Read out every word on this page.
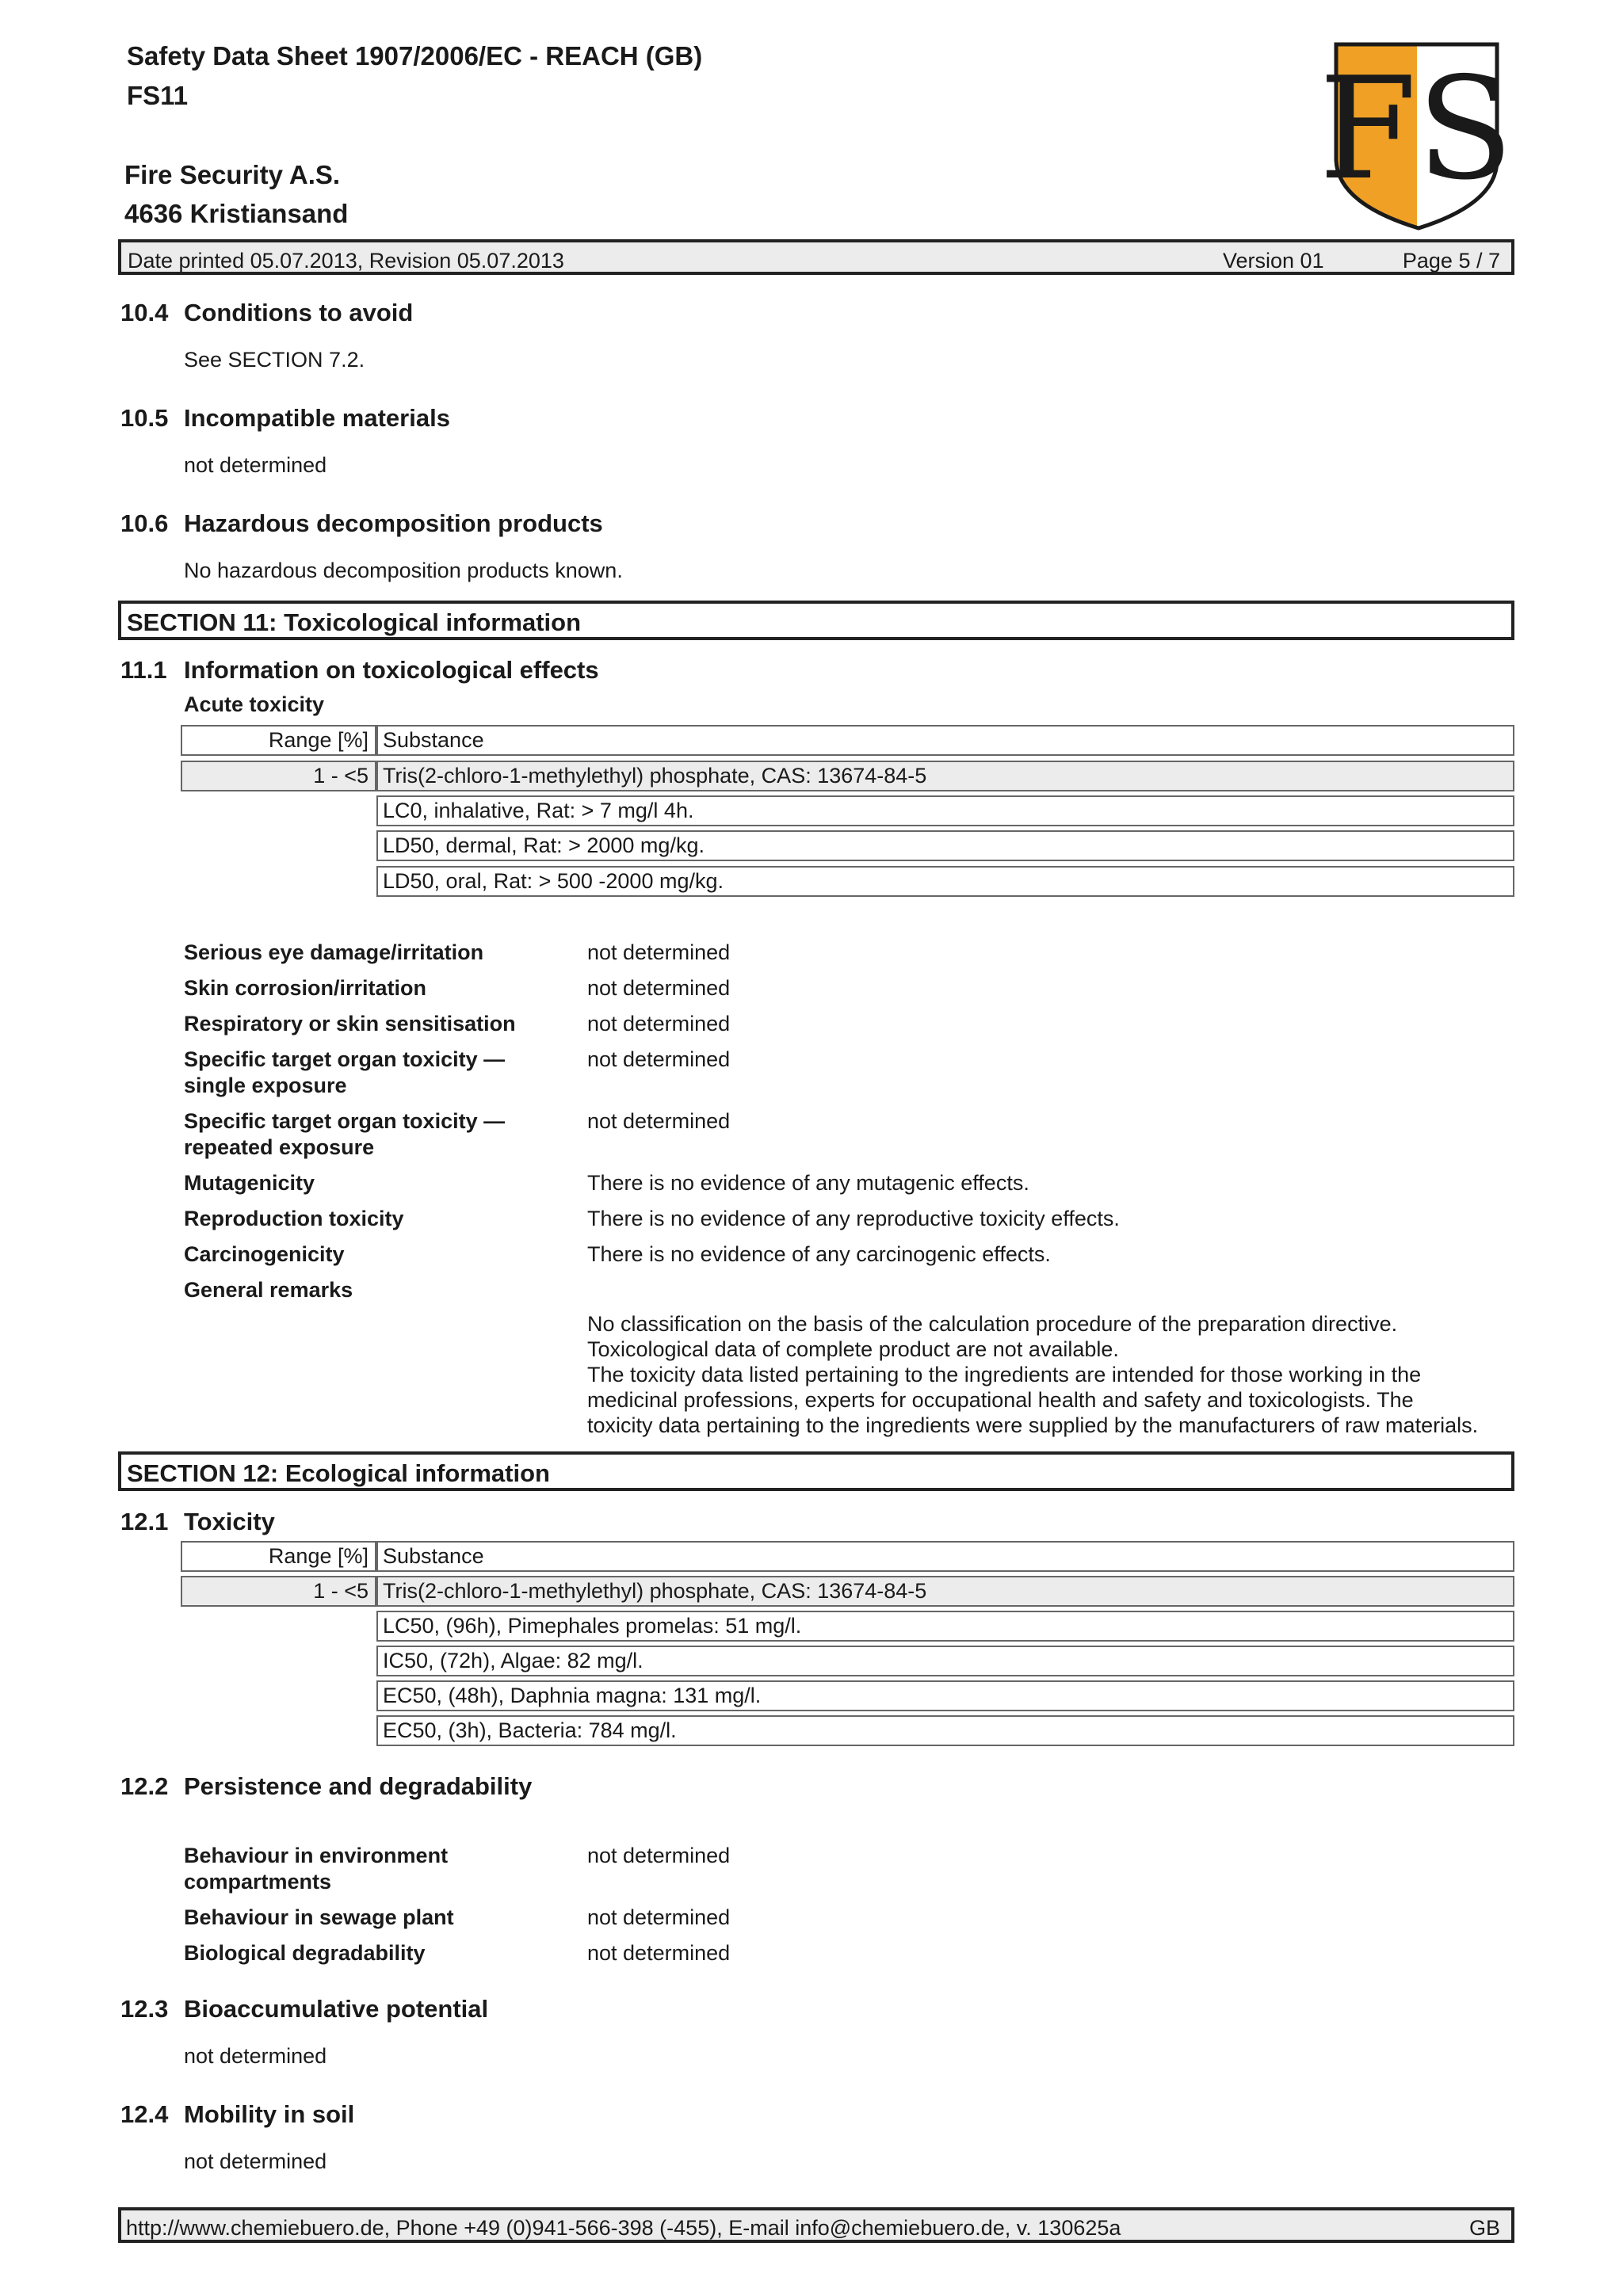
Safety Data Sheet 1907/2006/EC - REACH (GB)
FS11
Fire Security A.S.
4636 Kristiansand
FS
Date printed 05.07.2013, Revision 05.07.2013	Version 01	Page 5 / 7
10.4 Conditions to avoid
See SECTION 7.2.
10.5 Incompatible materials
not determined
10.6 Hazardous decomposition products
No hazardous decomposition products known.
SECTION 11: Toxicological information
11.1 Information on toxicological effects
Acute toxicity
Range [%] Substance
1 - <5 Tris(2-chloro-1-methylethyl) phosphate, CAS: 13674-84-5
LC0, inhalative, Rat: > 7 mg/l 4h.
LD50, dermal, Rat: > 2000 mg/kg.
LD50, oral, Rat: > 500 -2000 mg/kg.
Serious eye damage/irritation	not determined
Skin corrosion/irritation	not determined
Respiratory or skin sensitisation	not determined
Specific target organ toxicity —
single exposure
not determined
Specific target organ toxicity —
repeated exposure
not determined
Mutagenicity	There is no evidence of any mutagenic effects.
Reproduction toxicity	There is no evidence of any reproductive toxicity effects.
Carcinogenicity	There is no evidence of any carcinogenic effects.
General remarks
No classification on the basis of the calculation procedure of the preparation directive.
Toxicological data of complete product are not available.
The toxicity data listed pertaining to the ingredients are intended for those working in the
medicinal professions, experts for occupational health and safety and toxicologists. The
toxicity data pertaining to the ingredients were supplied by the manufacturers of raw materials.
SECTION 12: Ecological information
12.1 Toxicity
Range [%] Substance
1 - <5 Tris(2-chloro-1-methylethyl) phosphate, CAS: 13674-84-5
LC50, (96h), Pimephales promelas: 51 mg/l.
IC50, (72h), Algae: 82 mg/l.
EC50, (48h), Daphnia magna: 131 mg/l.
EC50, (3h), Bacteria: 784 mg/l.
12.2 Persistence and degradability
Behaviour in environment
compartments
not determined
Behaviour in sewage plant	not determined
Biological degradability	not determined
12.3 Bioaccumulative potential
not determined
12.4 Mobility in soil
not determined
http://www.chemiebuero.de, Phone +49 (0)941-566-398 (-455), E-mail info@chemiebuero.de, v. 130625a	GB
